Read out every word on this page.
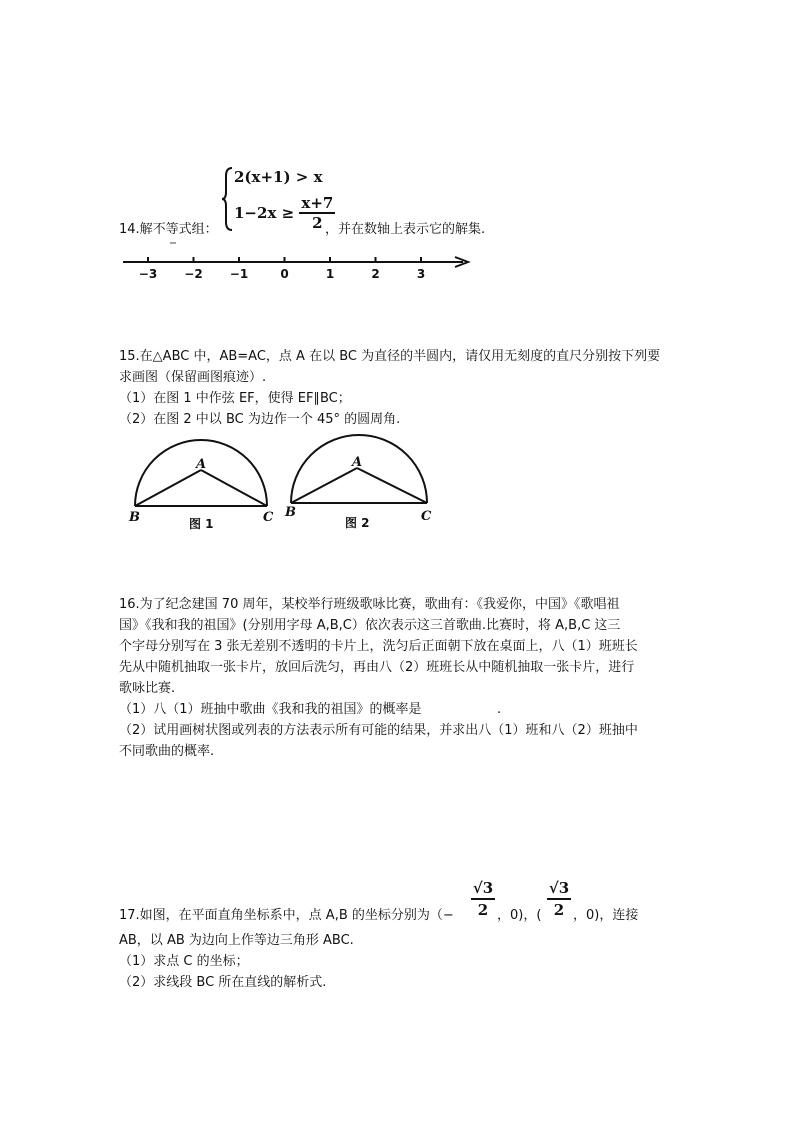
2(x+1) > x
$1-2x \ge \frac{x+7}{2}$
14.解不等式组：	，并在数轴上表示它的解集.
−3 −2 −1	0	1	2	3
15.在△ABC 中，AB=AC，点 A 在以 BC 为直径的半圆内，请仅用无刻度的直尺分别按下列要
求画图（保留画图痕迹）.
（1）在图 1 中作弦 EF，使得 EF∥BC；
（2）在图 2 中以 BC 为边作一个 45° 的圆周角.
A
B	C
图 1
A
B	C
图 2
16.为了纪念建国 70 周年，某校举行班级歌咏比赛，歌曲有：《我爱你，中国》《歌唱祖
国》《我和我的祖国》(分别用字母 A,B,C）依次表示这三首歌曲.比赛时，将 A,B,C 这三
个字母分别写在 3 张无差别不透明的卡片上，洗匀后正面朝下放在桌面上，八（1）班班长
先从中随机抽取一张卡片，放回后洗匀，再由八（2）班班长从中随机抽取一张卡片，进行
歌咏比赛.
（1）八（1）班抽中歌曲《我和我的祖国》的概率是	.
（2）试用画树状图或列表的方法表示所有可能的结果，并求出八（1）班和八（2）班抽中
不同歌曲的概率.
17.如图，在平面直角坐标系中，点 A,B 的坐标分别为（− $\frac{√3}{2}$ ，0)，( $\frac{√3}{2}$ ，0)，连接
AB，以 AB 为边向上作等边三角形 ABC.
（1）求点 C 的坐标；
（2）求线段 BC 所在直线的解析式.
